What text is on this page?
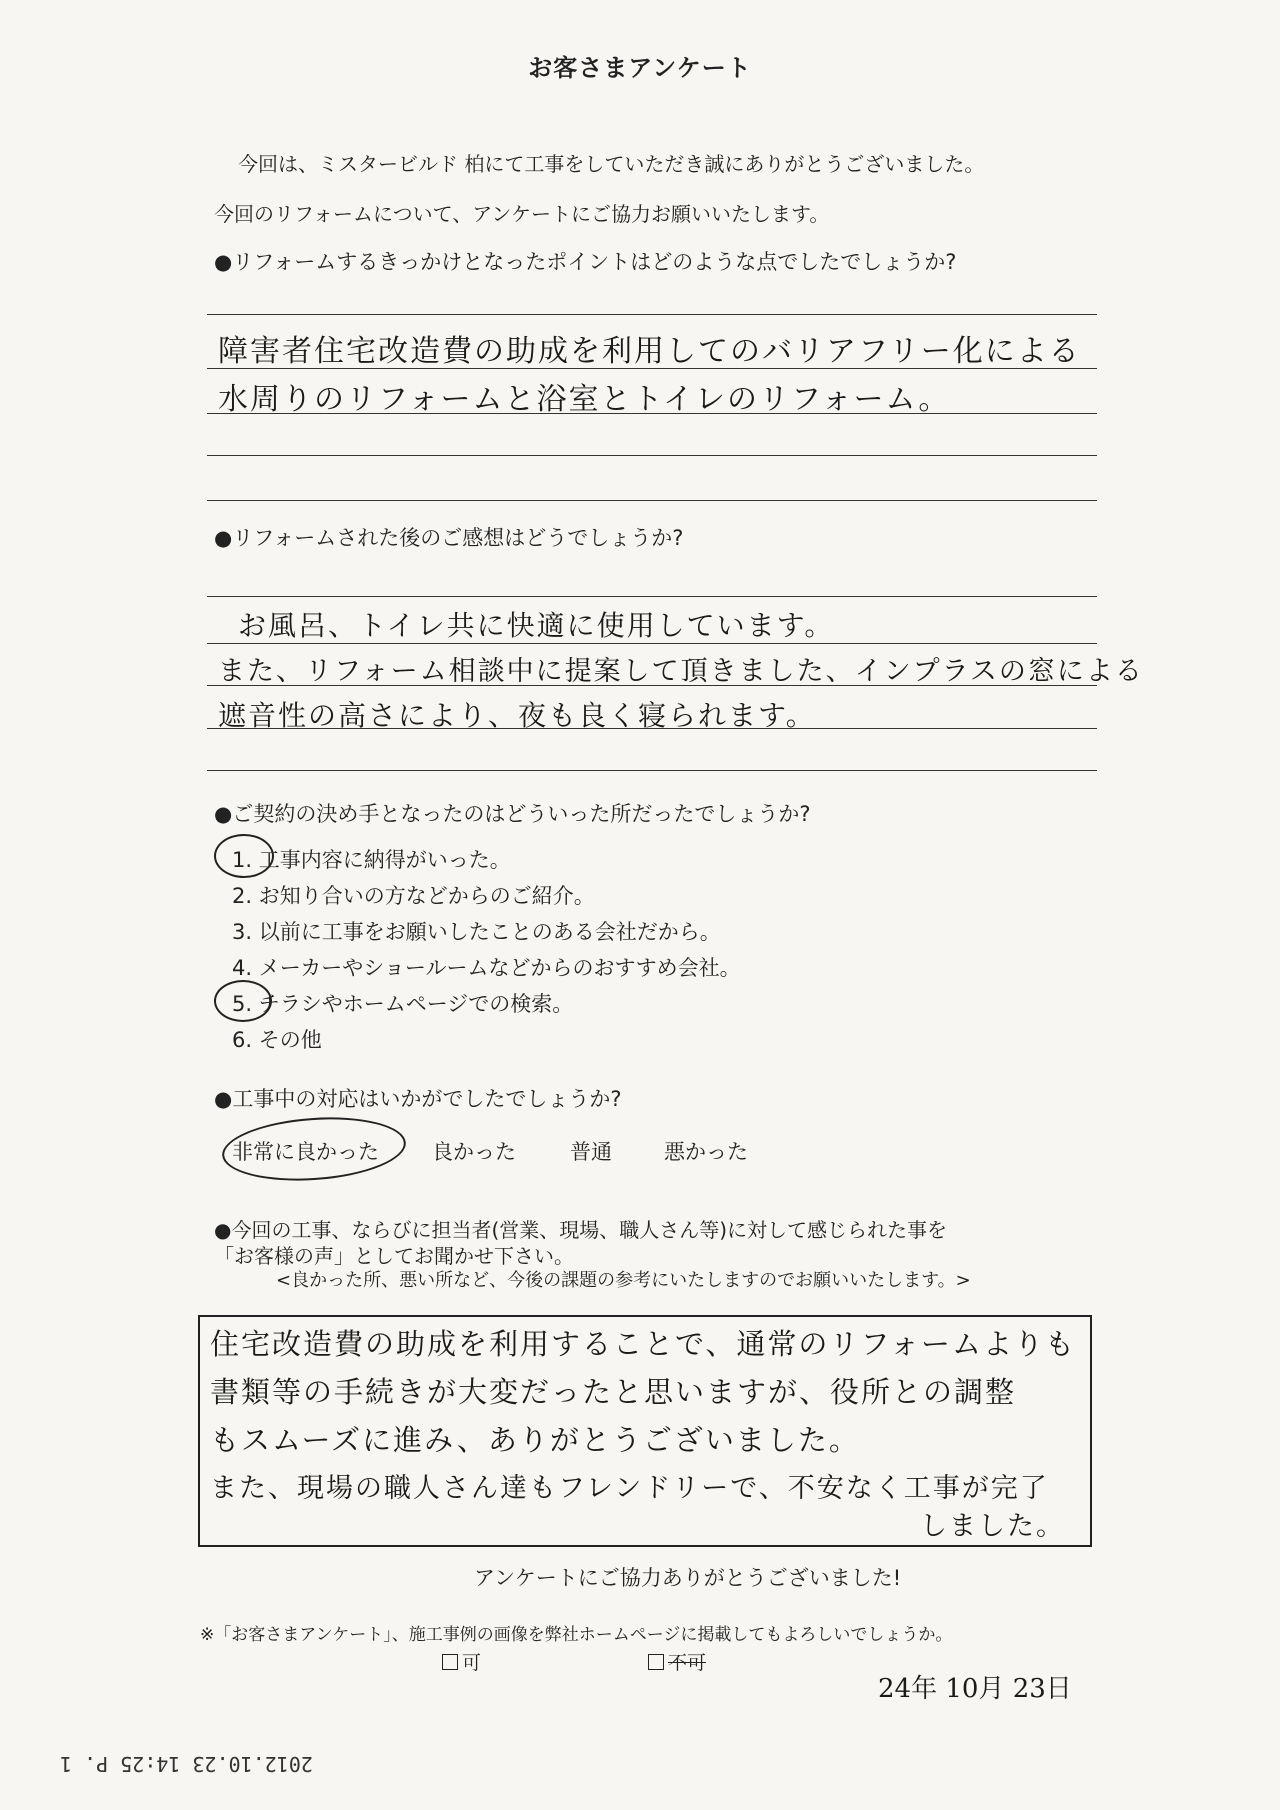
お客さまアンケート
今回は、ミスタービルド 柏にて工事をしていただき誠にありがとうございました。
今回のリフォームについて、アンケートにご協力お願いいたします。
●リフォームするきっかけとなったポイントはどのような点でしたでしょうか?
障害者住宅改造費の助成を利用してのバリアフリー化による
水周りのリフォームと浴室とトイレのリフォーム。
●リフォームされた後のご感想はどうでしょうか?
お風呂、トイレ共に快適に使用しています。
また、リフォーム相談中に提案して頂きました、インプラスの窓による
遮音性の高さにより、夜も良く寝られます。
●ご契約の決め手となったのはどういった所だったでしょうか?
1. 工事内容に納得がいった。
2. お知り合いの方などからのご紹介。
3. 以前に工事をお願いしたことのある会社だから。
4. メーカーやショールームなどからのおすすめ会社。
5. チラシやホームページでの検索。
6. その他
●工事中の対応はいかがでしたでしょうか?
非常に良かった	良かった	普通 悪かった
●今回の工事、ならびに担当者(営業、現場、職人さん等)に対して感じられた事を
「お客様の声」としてお聞かせ下さい。
<良かった所、悪い所など、今後の課題の参考にいたしますのでお願いいたします。>
住宅改造費の助成を利用することで、通常のリフォームよりも
書類等の手続きが大変だったと思いますが、役所との調整
もスムーズに進み、ありがとうございました。
また、現場の職人さん達もフレンドリーで、不安なく工事が完了
しました。
アンケートにご協力ありがとうございました!
※「お客さまアンケート」、施工事例の画像を弊社ホームページに掲載してもよろしいでしょうか。
可	不可
24年 10月 23日
2012.10.23 14:25 P. 1
